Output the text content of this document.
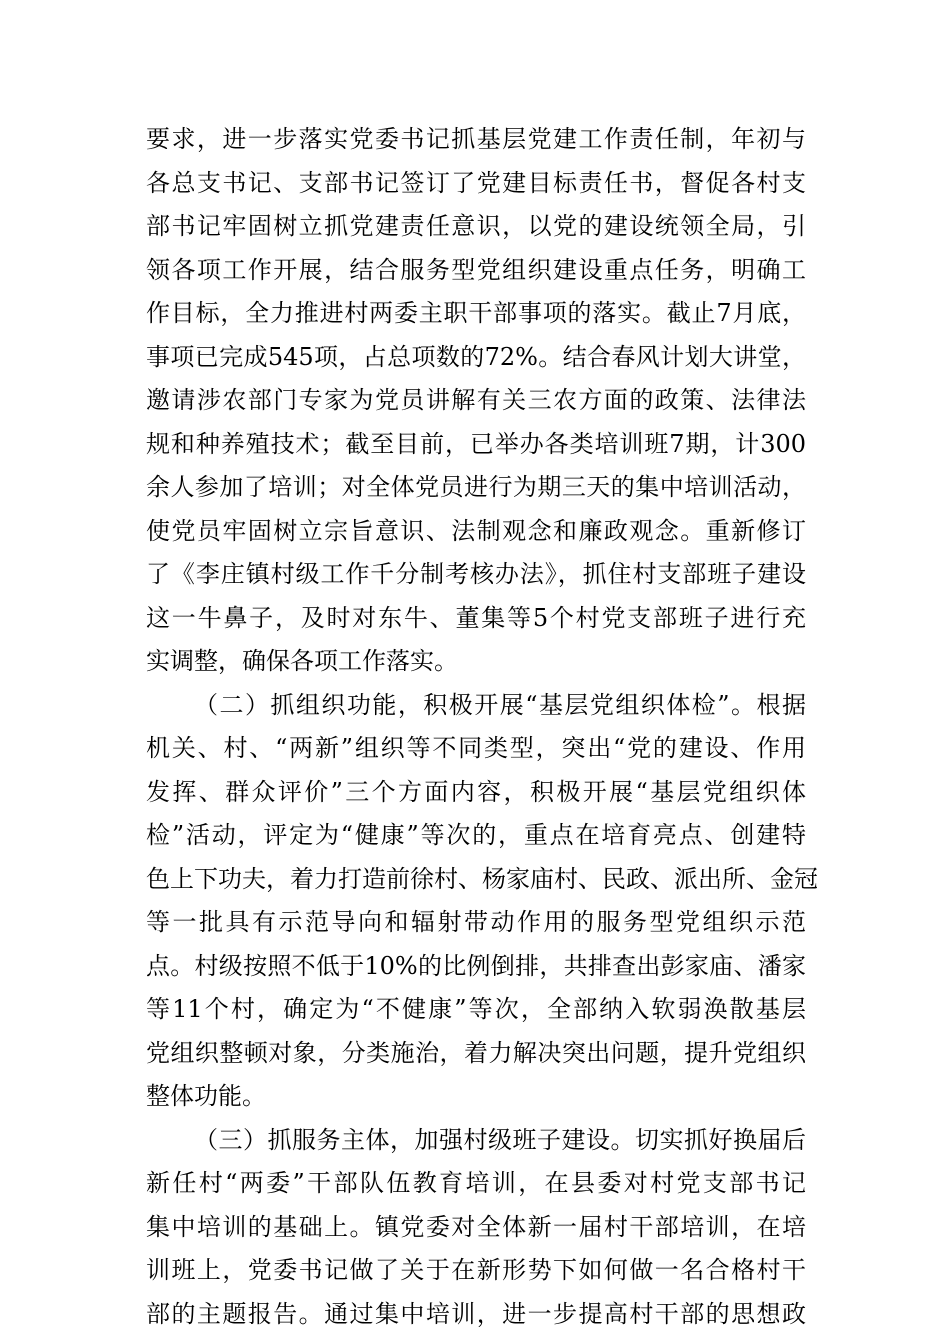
要求，进一步落实党委书记抓基层党建工作责任制，年初与
各总支书记、支部书记签订了党建目标责任书，督促各村支
部书记牢固树立抓党建责任意识，以党的建设统领全局，引
领各项工作开展，结合服务型党组织建设重点任务，明确工
作目标，全力推进村两委主职干部事项的落实。截止7月底，
事项已完成545项，占总项数的72%。结合春风计划大讲堂，
邀请涉农部门专家为党员讲解有关三农方面的政策、法律法
规和种养殖技术；截至目前，已举办各类培训班7期，计300
余人参加了培训；对全体党员进行为期三天的集中培训活动，
使党员牢固树立宗旨意识、法制观念和廉政观念。重新修订
了《李庄镇村级工作千分制考核办法》，抓住村支部班子建设
这一牛鼻子，及时对东牛、董集等5个村党支部班子进行充
实调整，确保各项工作落实。
（二）抓组织功能，积极开展“基层党组织体检”。根据
机关、村、“两新”组织等不同类型，突出“党的建设、作用
发挥、群众评价”三个方面内容，积极开展“基层党组织体
检”活动，评定为“健康”等次的，重点在培育亮点、创建特
色上下功夫，着力打造前徐村、杨家庙村、民政、派出所、金冠
等一批具有示范导向和辐射带动作用的服务型党组织示范
点。村级按照不低于10%的比例倒排，共排查出彭家庙、潘家
等11个村，确定为“不健康”等次，全部纳入软弱涣散基层
党组织整顿对象，分类施治，着力解决突出问题，提升党组织
整体功能。
（三）抓服务主体，加强村级班子建设。切实抓好换届后
新任村“两委”干部队伍教育培训，在县委对村党支部书记
集中培训的基础上。镇党委对全体新一届村干部培训，在培
训班上，党委书记做了关于在新形势下如何做一名合格村干
部的主题报告。通过集中培训，进一步提高村干部的思想政
